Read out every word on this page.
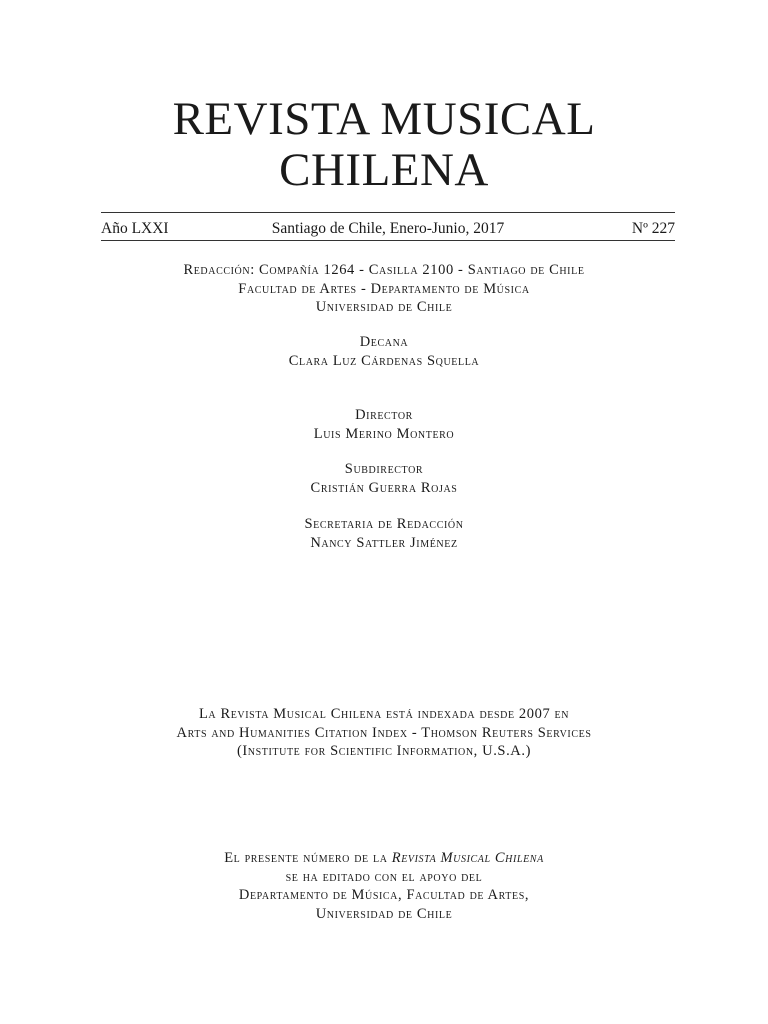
REVISTA MUSICAL
CHILENA
Año LXXI	Santiago de Chile, Enero-Junio, 2017	Nº 227
Redacción: Compañía 1264 - Casilla 2100 - Santiago de Chile
Facultad de Artes - Departamento de Música
Universidad de Chile
Decana
Clara Luz Cárdenas Squella
Director
Luis Merino Montero
Subdirector
Cristián Guerra Rojas
Secretaria de Redacción
Nancy Sattler Jiménez
La Revista Musical Chilena está indexada desde 2007 en
Arts and Humanities Citation Index - Thomson Reuters Services
(Institute for Scientific Information, U.S.A.)
El presente número de la Revista Musical Chilena
se ha editado con el apoyo del
Departamento de Música, Facultad de Artes,
Universidad de Chile
